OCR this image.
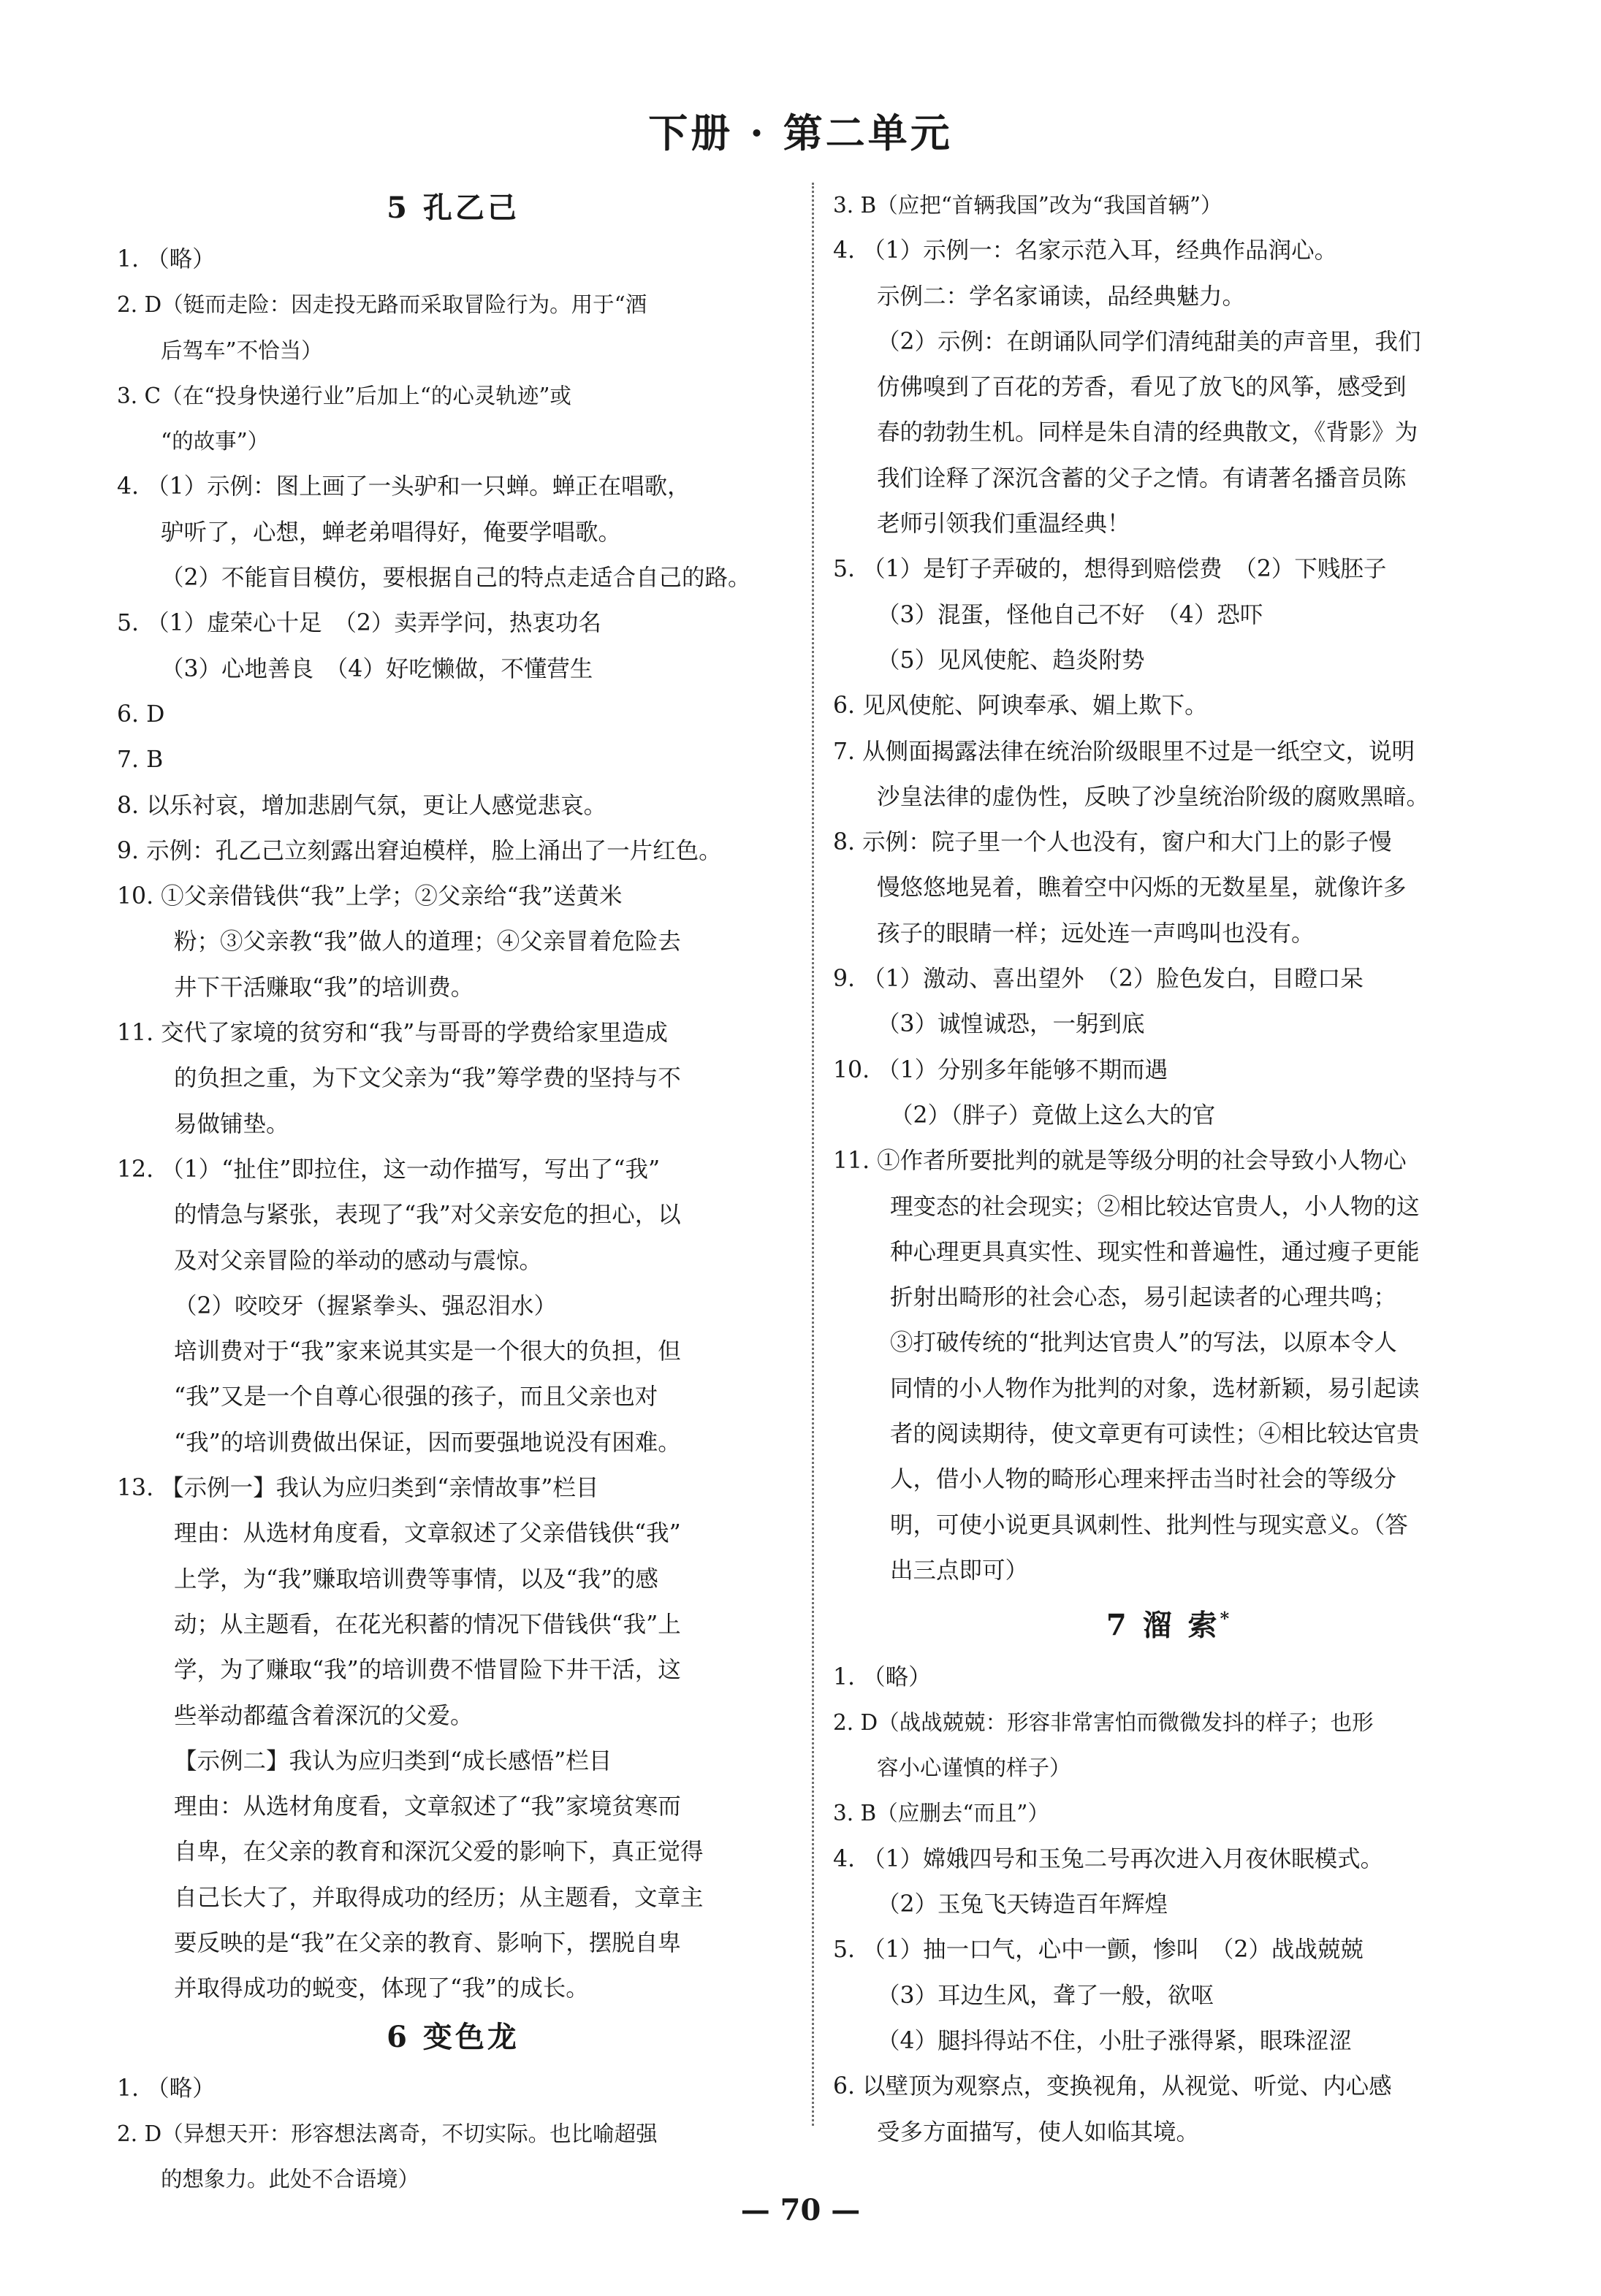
下册 · 第二单元
5 孔乙己
1. （略）
2. D（铤而走险：因走投无路而采取冒险行为。用于“酒
后驾车”不恰当）
3. C（在“投身快递行业”后加上“的心灵轨迹”或
“的故事”）
4. （1）示例：图上画了一头驴和一只蝉。蝉正在唱歌，
驴听了，心想，蝉老弟唱得好，俺要学唱歌。
（2）不能盲目模仿，要根据自己的特点走适合自己的路。
5. （1）虚荣心十足　（2）卖弄学问，热衷功名
（3）心地善良　（4）好吃懒做，不懂营生
6. D
7. B
8. 以乐衬哀，增加悲剧气氛，更让人感觉悲哀。
9. 示例：孔乙己立刻露出窘迫模样，脸上涌出了一片红色。
10. ①父亲借钱供“我”上学；②父亲给“我”送黄米
粉；③父亲教“我”做人的道理；④父亲冒着危险去
井下干活赚取“我”的培训费。
11. 交代了家境的贫穷和“我”与哥哥的学费给家里造成
的负担之重，为下文父亲为“我”筹学费的坚持与不
易做铺垫。
12. （1）“扯住”即拉住，这一动作描写，写出了“我”
的情急与紧张，表现了“我”对父亲安危的担心，以
及对父亲冒险的举动的感动与震惊。
（2）咬咬牙（握紧拳头、强忍泪水）
培训费对于“我”家来说其实是一个很大的负担，但
“我”又是一个自尊心很强的孩子，而且父亲也对
“我”的培训费做出保证，因而要强地说没有困难。
13. 【示例一】我认为应归类到“亲情故事”栏目
理由：从选材角度看，文章叙述了父亲借钱供“我”
上学，为“我”赚取培训费等事情，以及“我”的感
动；从主题看，在花光积蓄的情况下借钱供“我”上
学，为了赚取“我”的培训费不惜冒险下井干活，这
些举动都蕴含着深沉的父爱。
【示例二】我认为应归类到“成长感悟”栏目
理由：从选材角度看，文章叙述了“我”家境贫寒而
自卑，在父亲的教育和深沉父爱的影响下，真正觉得
自己长大了，并取得成功的经历；从主题看，文章主
要反映的是“我”在父亲的教育、影响下，摆脱自卑
并取得成功的蜕变，体现了“我”的成长。
6 变色龙
1. （略）
2. D（异想天开：形容想法离奇，不切实际。也比喻超强
的想象力。此处不合语境）
3. B（应把“首辆我国”改为“我国首辆”）
4. （1）示例一：名家示范入耳，经典作品润心。
示例二：学名家诵读，品经典魅力。
（2）示例：在朗诵队同学们清纯甜美的声音里，我们
仿佛嗅到了百花的芳香，看见了放飞的风筝，感受到
春的勃勃生机。同样是朱自清的经典散文，《背影》为
我们诠释了深沉含蓄的父子之情。有请著名播音员陈
老师引领我们重温经典！
5. （1）是钉子弄破的，想得到赔偿费　（2）下贱胚子
（3）混蛋，怪他自己不好　（4）恐吓
（5）见风使舵、趋炎附势
6. 见风使舵、阿谀奉承、媚上欺下。
7. 从侧面揭露法律在统治阶级眼里不过是一纸空文，说明
沙皇法律的虚伪性，反映了沙皇统治阶级的腐败黑暗。
8. 示例：院子里一个人也没有，窗户和大门上的影子慢
慢悠悠地晃着，瞧着空中闪烁的无数星星，就像许多
孩子的眼睛一样；远处连一声鸣叫也没有。
9. （1）激动、喜出望外　（2）脸色发白，目瞪口呆
（3）诚惶诚恐，一躬到底
10. （1）分别多年能够不期而遇
（2）（胖子）竟做上这么大的官
11. ①作者所要批判的就是等级分明的社会导致小人物心
理变态的社会现实；②相比较达官贵人，小人物的这
种心理更具真实性、现实性和普遍性，通过瘦子更能
折射出畸形的社会心态，易引起读者的心理共鸣；
③打破传统的“批判达官贵人”的写法，以原本令人
同情的小人物作为批判的对象，选材新颖，易引起读
者的阅读期待，使文章更有可读性；④相比较达官贵
人，借小人物的畸形心理来抨击当时社会的等级分
明，可使小说更具讽刺性、批判性与现实意义。（答
出三点即可）
7 溜 索*
1. （略）
2. D（战战兢兢：形容非常害怕而微微发抖的样子；也形
容小心谨慎的样子）
3. B（应删去“而且”）
4. （1）嫦娥四号和玉兔二号再次进入月夜休眠模式。
（2）玉兔飞天铸造百年辉煌
5. （1）抽一口气，心中一颤，惨叫　（2）战战兢兢
（3）耳边生风，聋了一般，欲呕
（4）腿抖得站不住，小肚子涨得紧，眼珠涩涩
6. 以壁顶为观察点，变换视角，从视觉、听觉、内心感
受多方面描写，使人如临其境。
— 70 —
